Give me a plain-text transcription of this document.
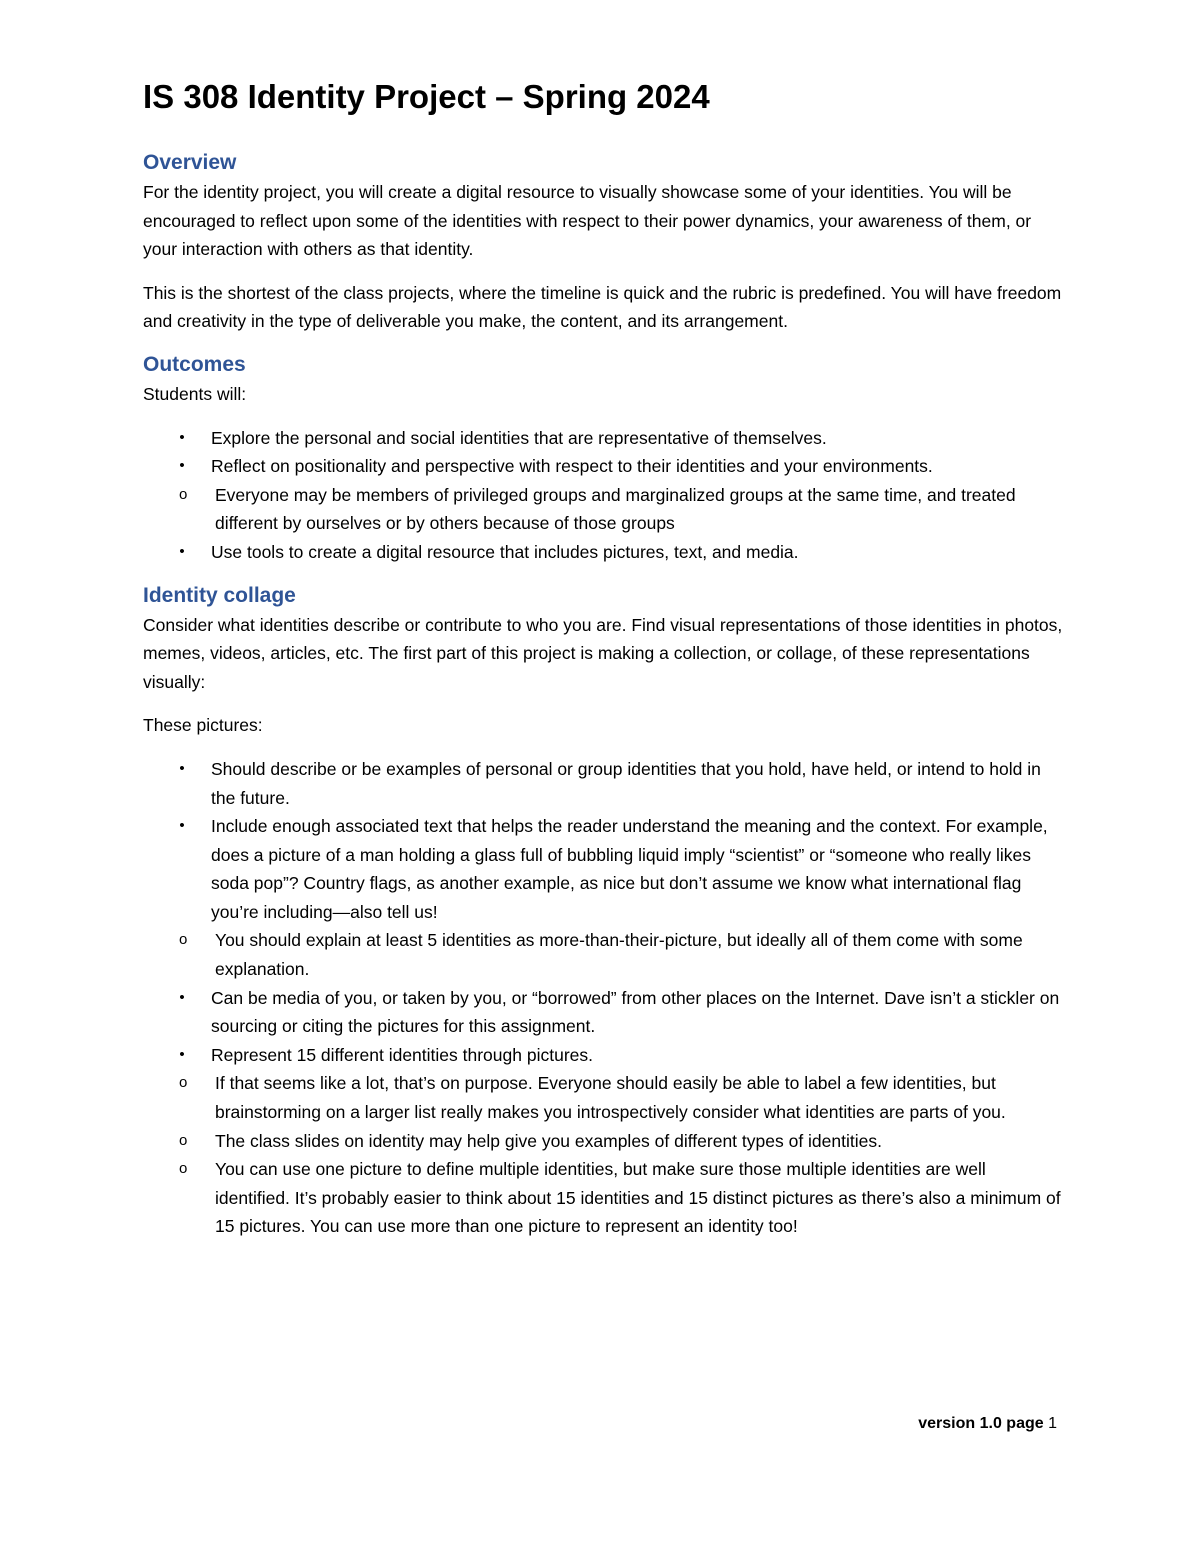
IS 308 Identity Project – Spring 2024
Overview

For the identity project, you will create a digital resource to visually showcase some of your identities. You will be encouraged to reflect upon some of the identities with respect to their power dynamics, your awareness of them, or your interaction with others as that identity.

This is the shortest of the class projects, where the timeline is quick and the rubric is predefined. You will have freedom and creativity in the type of deliverable you make, the content, and its arrangement.

Outcomes

Students will:

•	Explore the personal and social identities that are representative of themselves.
•	Reflect on positionality and perspective with respect to their identities and your environments.
o Everyone may be members of privileged groups and marginalized groups at the same time, and treated different by ourselves or by others because of those groups
•	Use tools to create a digital resource that includes pictures, text, and media.
Identity collage

Consider what identities describe or contribute to who you are. Find visual representations of those identities in photos, memes, videos, articles, etc. The first part of this project is making a collection, or collage, of these representations visually:

These pictures:

•	Should describe or be examples of personal or group identities that you hold, have held, or intend to hold in the future.
•	Include enough associated text that helps the reader understand the meaning and the context. For example, does a picture of a man holding a glass full of bubbling liquid imply “scientist” or “someone who really likes soda pop”? Country flags, as another example, as nice but don’t assume we know what international flag you’re including—also tell us!
o You should explain at least 5 identities as more-than-their-picture, but ideally all of them come with some explanation.
•	Can be media of you, or taken by you, or “borrowed” from other places on the Internet. Dave isn’t a stickler on sourcing or citing the pictures for this assignment.
•	Represent 15 different identities through pictures.
o If that seems like a lot, that’s on purpose. Everyone should easily be able to label a few identities, but brainstorming on a larger list really makes you introspectively consider what identities are parts of you.
o The class slides on identity may help give you examples of different types of identities.
o You can use one picture to define multiple identities, but make sure those multiple identities are well identified. It’s probably easier to think about 15 identities and 15 distinct pictures as there’s also a minimum of 15 pictures. You can use more than one picture to represent an identity too!
version 1.0 page 1
